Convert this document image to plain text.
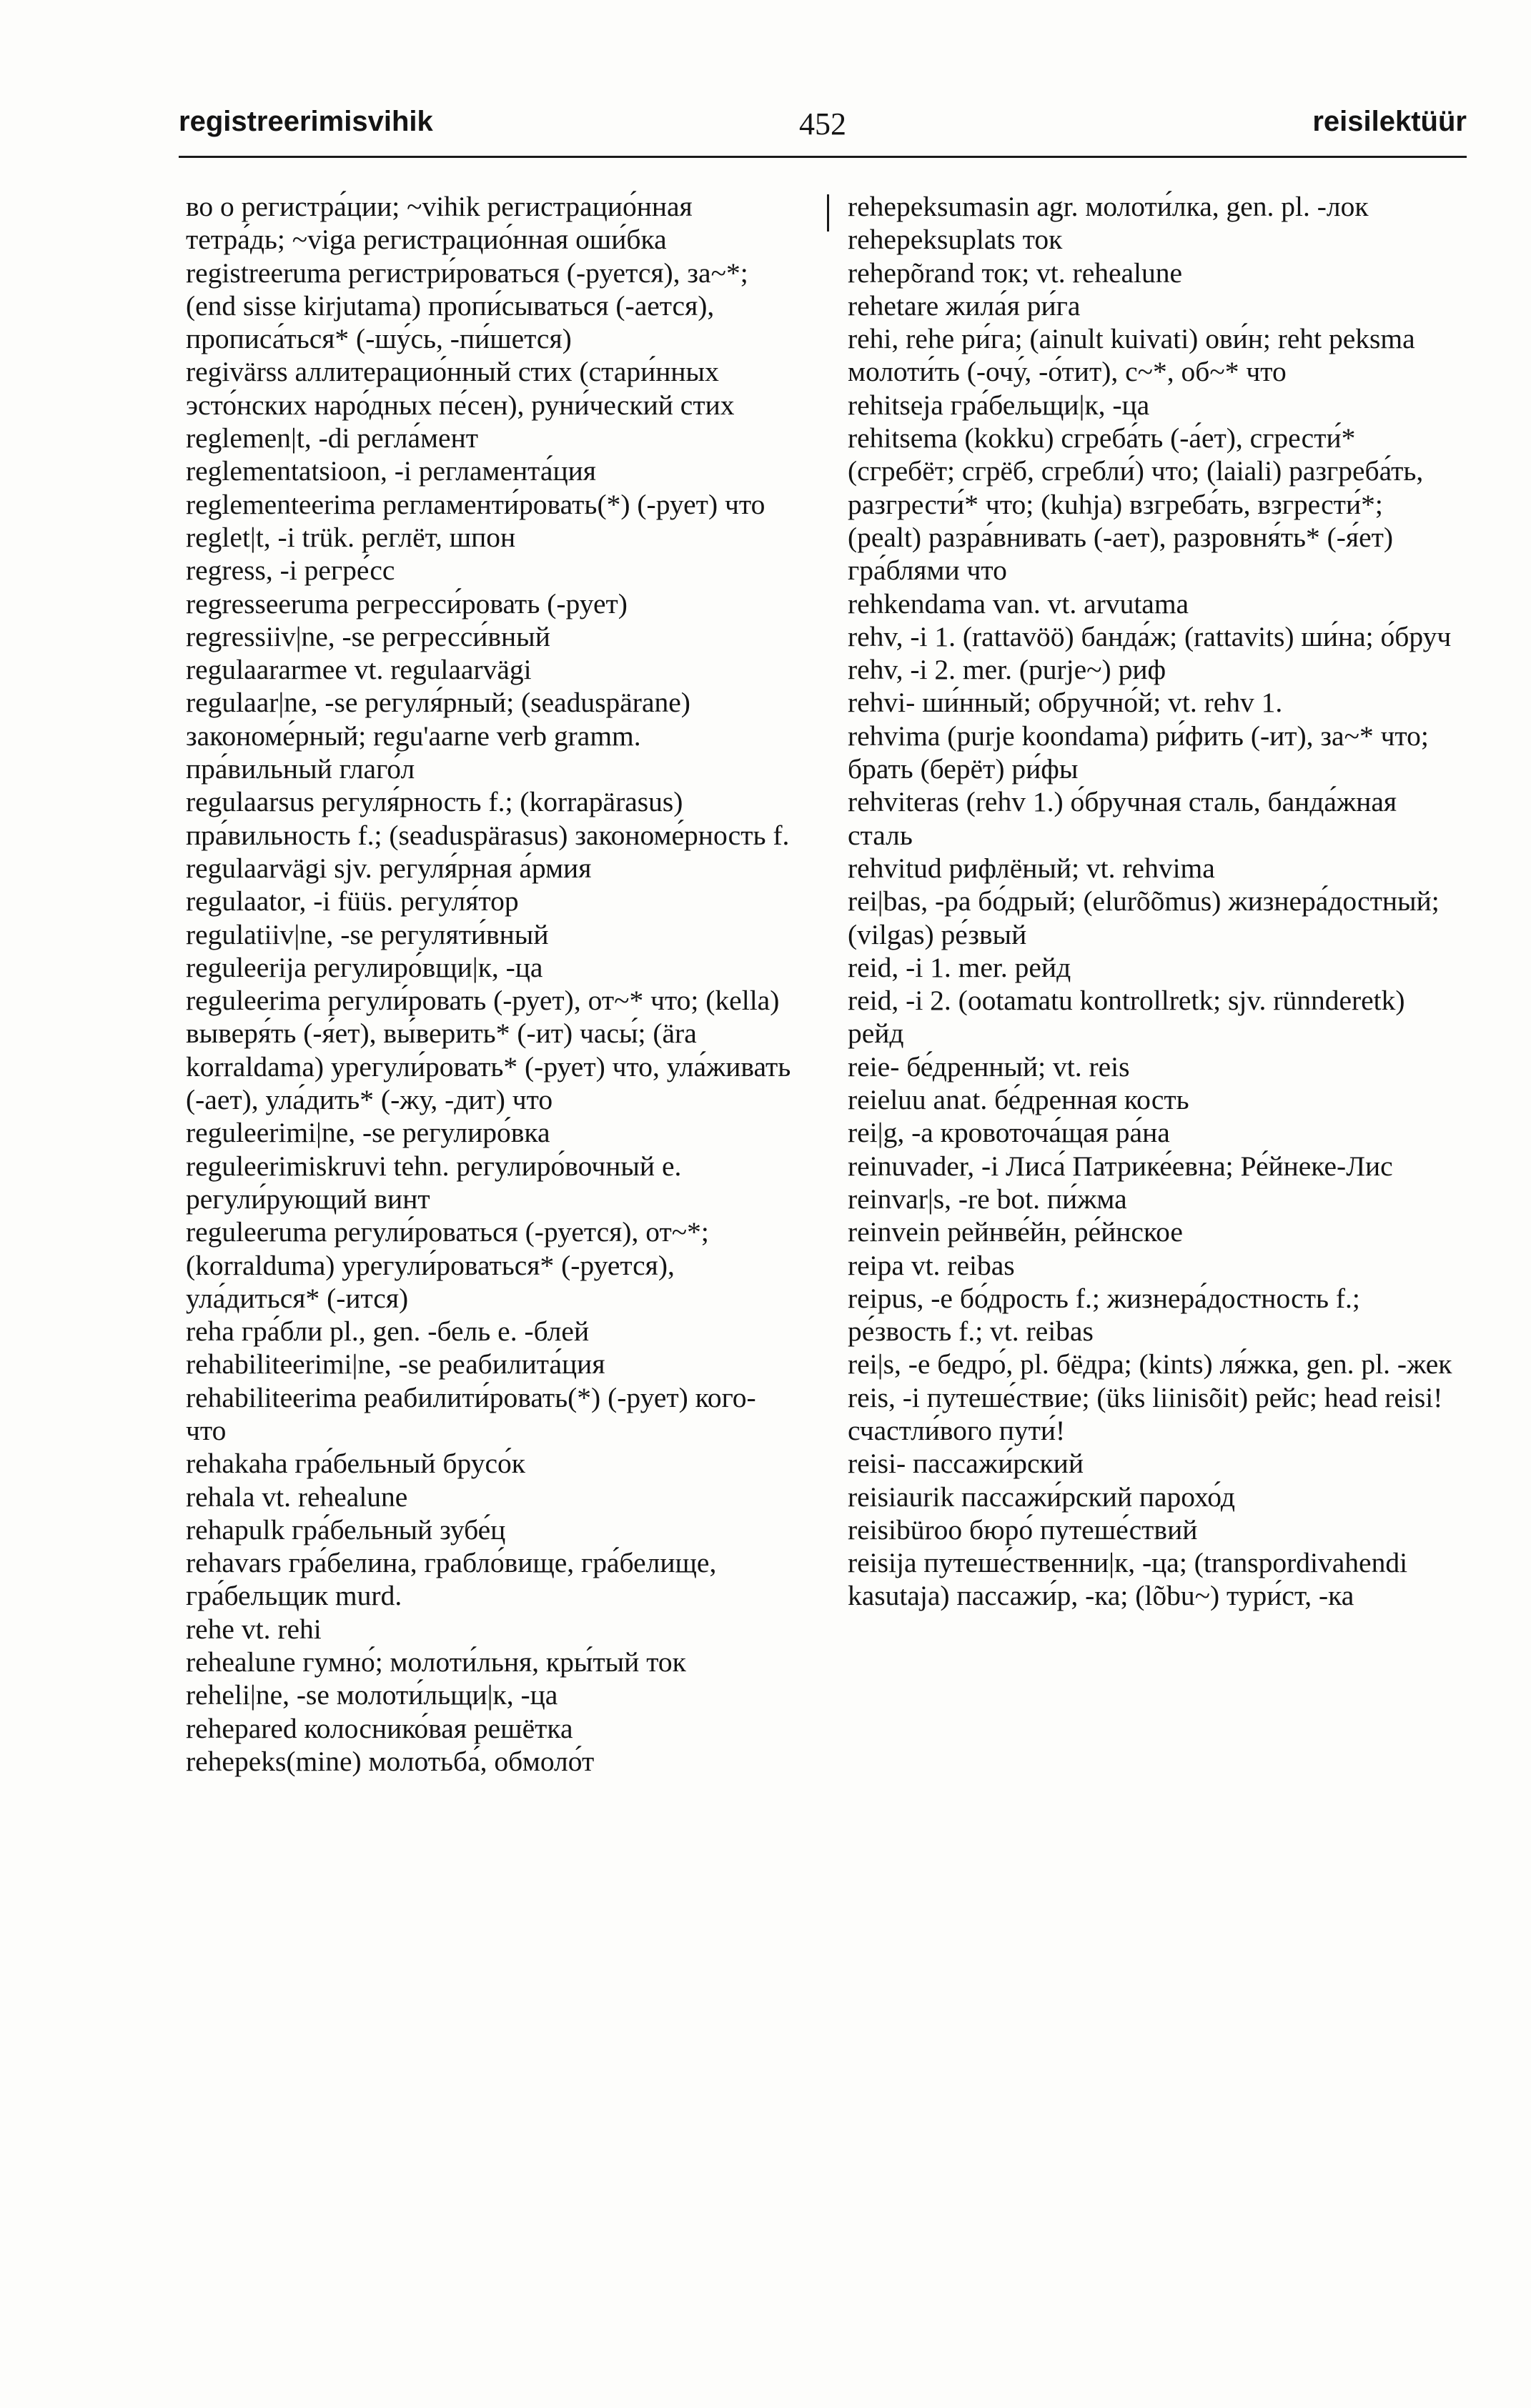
registreerimisvihik	452	reisilektüür

во о регистра́ции; ~vihik регистрацио́нная тетра́дь; ~viga регистрацио́нная оши́бка

registreeruma регистри́роваться (-руется), за~*; (end sisse kirjutama) пропи́сываться (-ается), прописа́ться* (-шу́сь, -пи́шется)

regivärss аллитерацио́нный стих (стари́нных эсто́нских наро́дных пе́сен), руни́ческий стих

reglemen|t, -di регла́мент

reglementatsioon, -i регламента́ция

reglementeerima регламенти́ровать(*) (-рует) что

reglet|t, -i trük. реглёт, шпон

regress, -i регре́сс

regresseeruma регресси́ровать (-рует)

regressiiv|ne, -se регресси́вный

regulaararmee vt. regulaarvägi

regulaar|ne, -se регуля́рный; (seaduspärane) закономе́рный; regu'aarne verb gramm. пра́вильный глаго́л

regulaarsus регуля́рность f.; (korrapärasus) пра́вильность f.; (seaduspärasus) закономе́рность f.

regulaarvägi sjv. регуля́рная а́рмия

regulaator, -i füüs. регуля́тор

regulatiiv|ne, -se регуляти́вный

reguleerija регулиро́вщи|к, -ца

reguleerima регули́ровать (-рует), от~* что; (kella) выверя́ть (-я́ет), вы́верить* (-ит) часы́; (ära korraldama) урегули́ровать* (-рует) что, ула́живать (-ает), ула́дить* (-жу, -дит) что

reguleerimi|ne, -se регулиро́вка

reguleerimiskruvi tehn. регулиро́вочный е. регули́рующий винт

reguleeruma регули́роваться (-руется), от~*; (korralduma) урегули́роваться* (-руется), ула́диться* (-ится)

reha гра́бли pl., gen. -бель е. -блей

rehabiliteerimi|ne, -se реабилита́ция

rehabiliteerima реабилити́ровать(*) (-рует) кого-что

rehakaha гра́бельный брусо́к

rehala vt. rehealune

rehapulk гра́бельный зубе́ц

rehavars гра́белина, грабло́вище, гра́белище, гра́бельщик murd.

rehe vt. rehi

rehealune гумно́; молоти́льня, кры́тый ток

reheli|ne, -se молоти́льщи|к, -ца

rehepared колоснико́вая решётка

rehepeks(mine) молотьба́, обмоло́т

rehepeksumasin agr. молоти́лка, gen. pl. -лок

rehepeksuplats ток

rehepõrand ток; vt. rehealune

rehetare жила́я ри́га

rehi, rehe ри́га; (ainult kuivati) ови́н; reht peksma молоти́ть (-очу́, -о́тит), с~*, об~* что

rehitseja гра́бельщи|к, -ца

rehitsema (kokku) сгреба́ть (-а́ет), сгрести́* (сгребёт; сгрёб, сгребли́) что; (laiali) разгреба́ть, разгрести́* что; (kuhja) взгреба́ть, взгрести́*; (pealt) разра́внивать (-ает), разровня́ть* (-я́ет) гра́блями что

rehkendama van. vt. arvutama

rehv, -i 1. (rattavöö) банда́ж; (rattavits) ши́на; о́бруч

rehv, -i 2. mer. (purje~) риф

rehvi- ши́нный; обручно́й; vt. rehv 1.

rehvima (purje koondama) ри́фить (-ит), за~* что; брать (берёт) ри́фы

rehviteras (rehv 1.) о́бручная сталь, банда́жная сталь

rehvitud рифлёный; vt. rehvima

rei|bas, -pa бо́дрый; (elurõõmus) жизнера́достный; (vilgas) ре́звый

reid, -i 1. mer. рейд

reid, -i 2. (ootamatu kontrollretk; sjv. rünnderetk) рейд

reie- бе́дренный; vt. reis

reieluu anat. бе́дренная кость

rei|g, -a кровоточа́щая ра́на

reinuvader, -i Лиса́ Патрике́евна; Ре́йнеке-Лис

reinvar|s, -re bot. пи́жма

reinvein рейнве́йн, ре́йнское

reipa vt. reibas

reipus, -e бо́дрость f.; жизнера́достность f.; ре́звость f.; vt. reibas

rei|s, -e бедро́, pl. бёдра; (kints) ля́жка, gen. pl. -жек

reis, -i путеше́ствие; (üks liinisõit) рейс; head reisi! счастли́вого пути́!

reisi- пассажи́рский

reisiaurik пассажи́рский парохо́д

reisibüroo бюро́ путеше́ствий

reisija путеше́ственни|к, -ца; (transpordivahendi kasutaja) пассажи́р, -ка; (lõbu~) тури́ст, -ка
